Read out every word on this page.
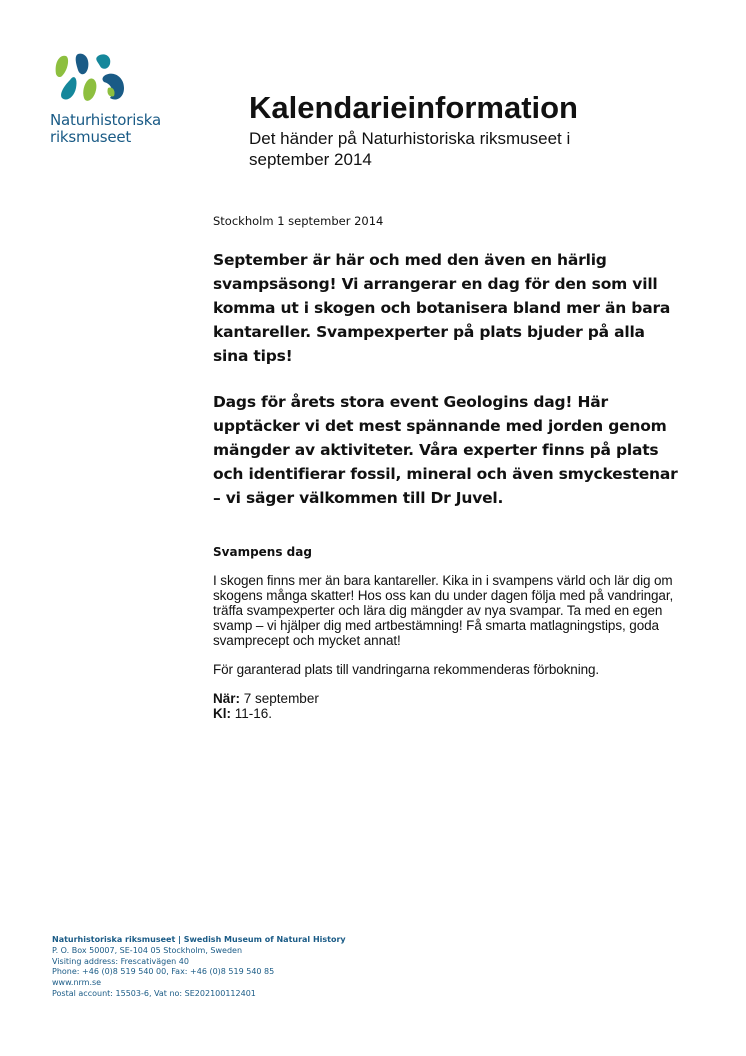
Naturhistoriska
riksmuseet
Kalendarieinformation

Det händer på Naturhistoriska riksmuseet i september 2014

Stockholm 1 september 2014

September är här och med den även en härlig svampsäsong! Vi arrangerar en dag för den som vill komma ut i skogen och botanisera bland mer än bara kantareller. Svampexperter på plats bjuder på alla sina tips!

Dags för årets stora event Geologins dag! Här upptäcker vi det mest spännande med jorden genom mängder av aktiviteter. Våra experter finns på plats och identifierar fossil, mineral och även smyckestenar – vi säger välkommen till Dr Juvel.

Svampens dag

I skogen finns mer än bara kantareller. Kika in i svampens värld och lär dig om skogens många skatter! Hos oss kan du under dagen följa med på vandringar, träffa svampexperter och lära dig mängder av nya svampar. Ta med en egen svamp – vi hjälper dig med artbestämning! Få smarta matlagningstips, goda svamprecept och mycket annat!

För garanterad plats till vandringarna rekommenderas förbokning.

När: 7 september

Kl: 11-16.

Naturhistoriska riksmuseet | Swedish Museum of Natural History
P. O. Box 50007, SE-104 05 Stockholm, Sweden
Visiting address: Frescativägen 40
Phone: +46 (0)8 519 540 00, Fax: +46 (0)8 519 540 85
www.nrm.se
Postal account: 15503-6, Vat no: SE202100112401
